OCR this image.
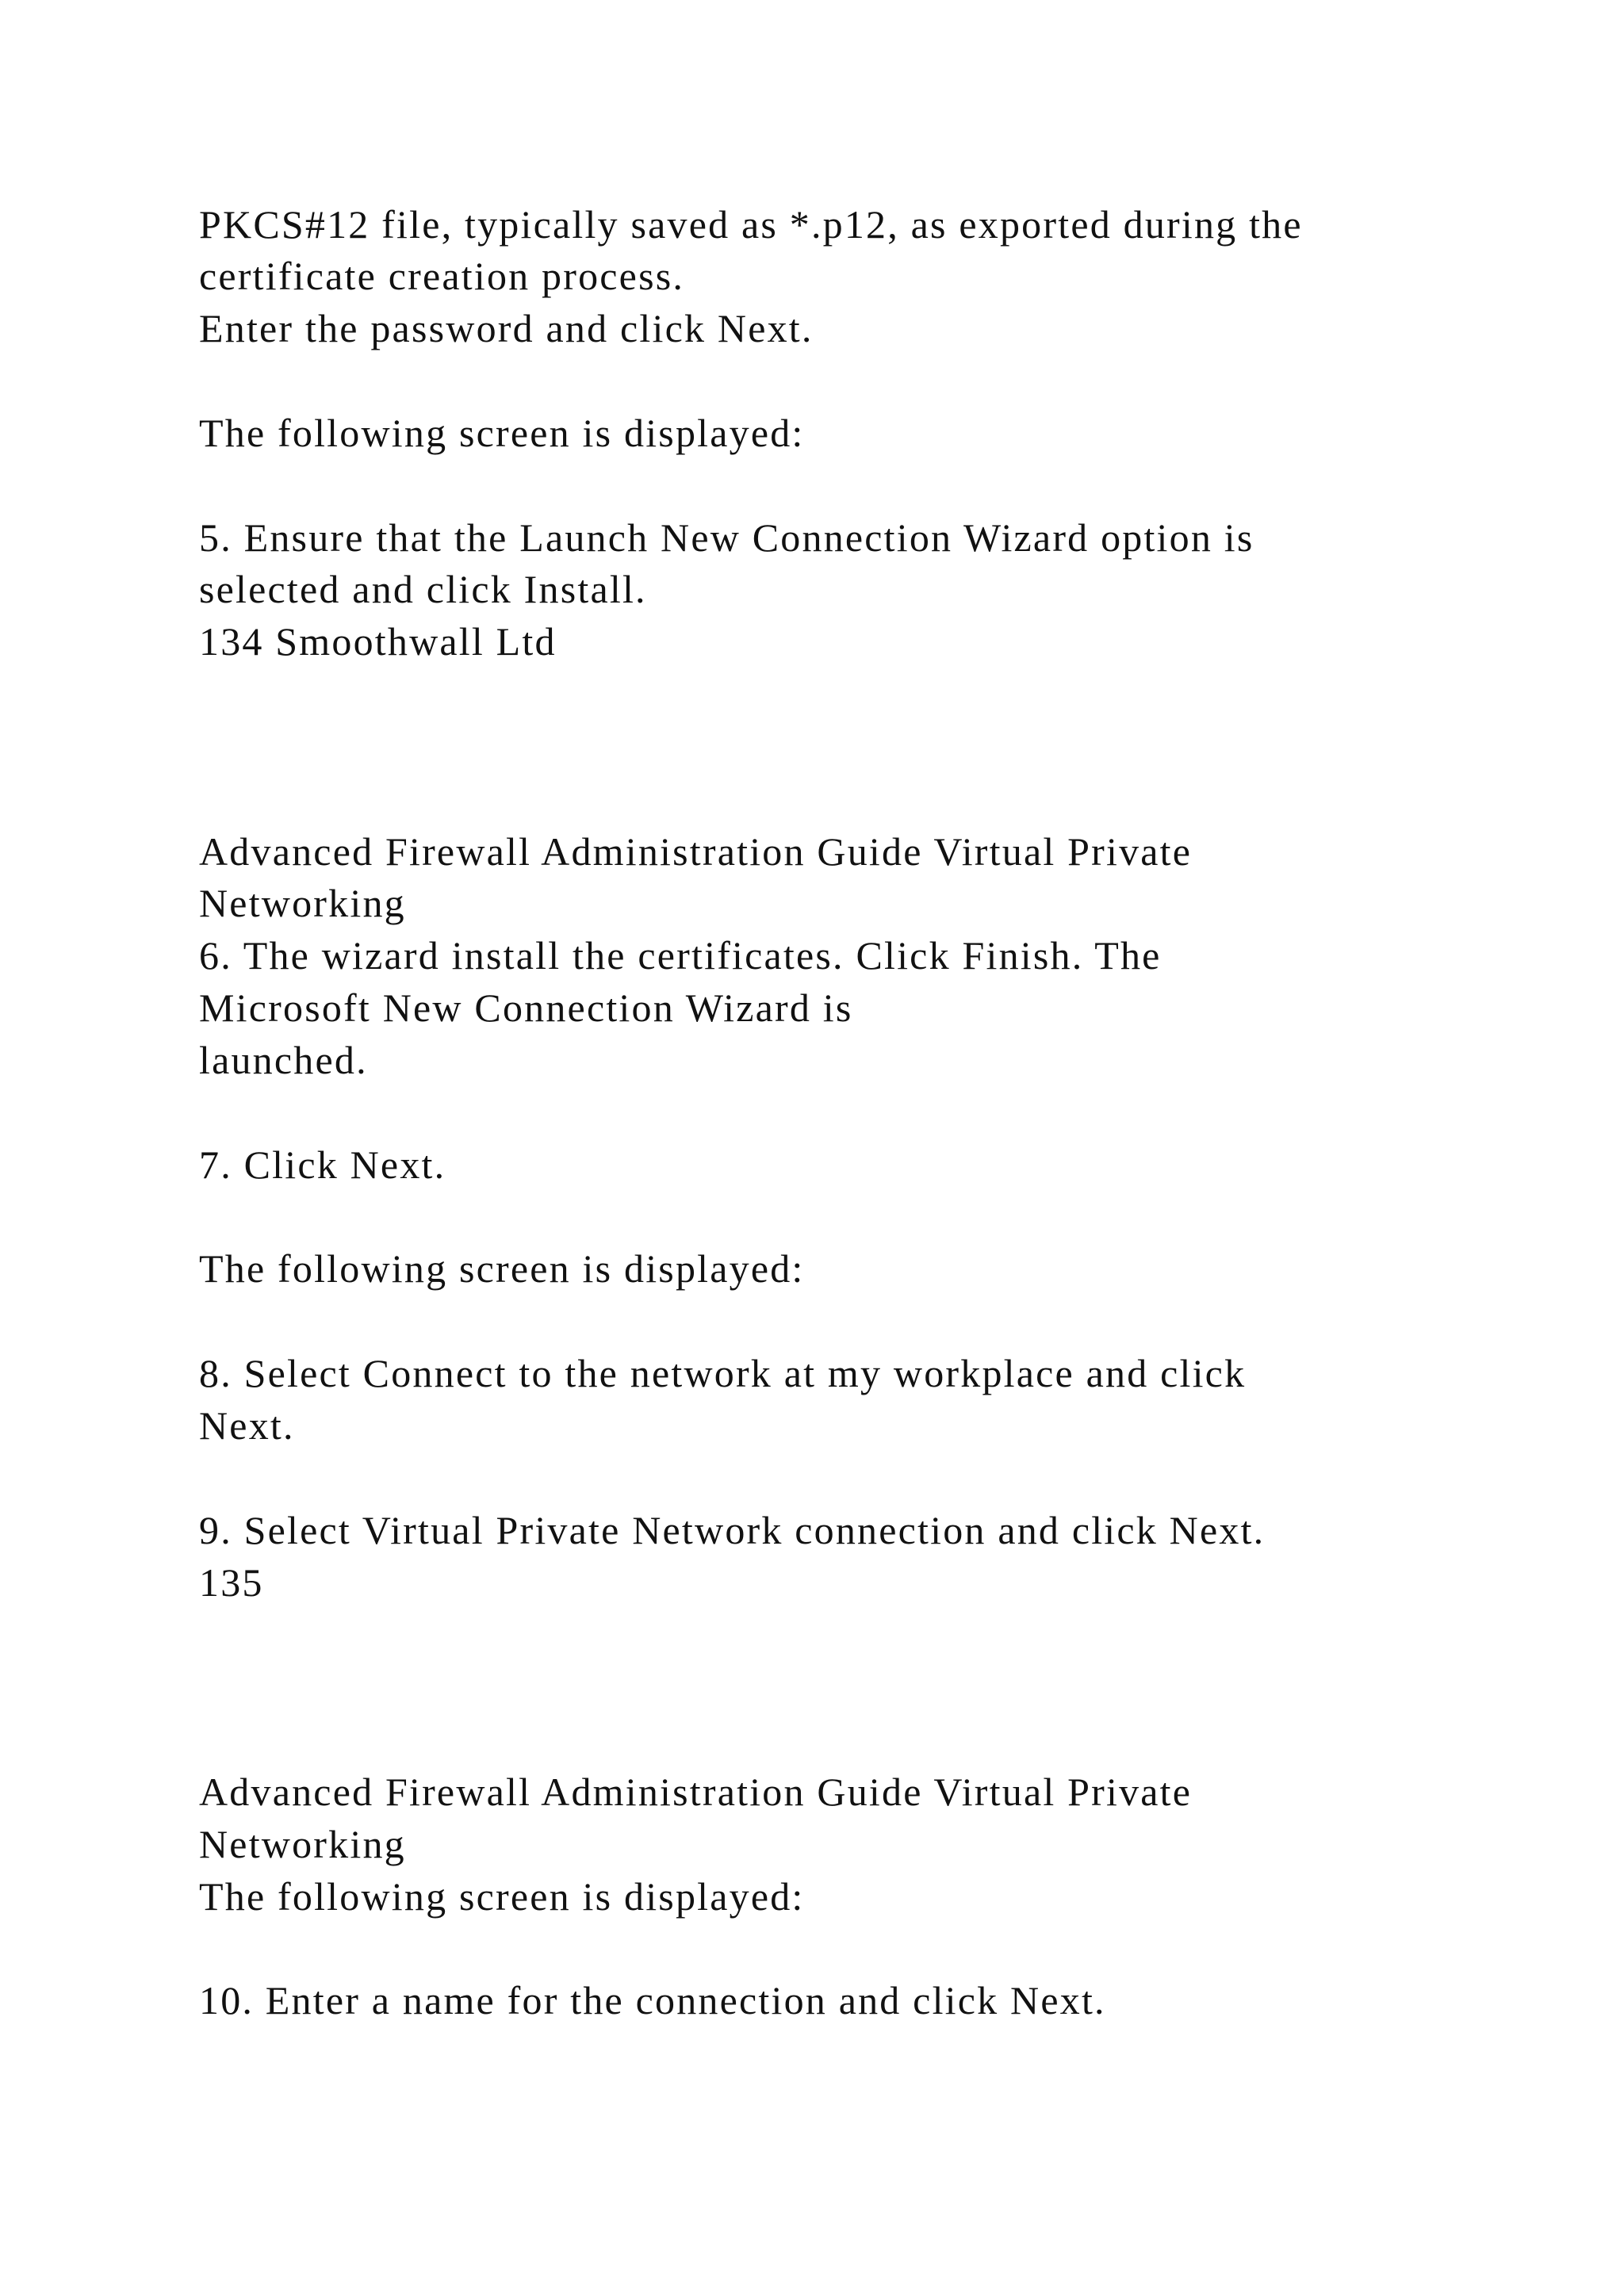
PKCS#12 file, typically saved as *.p12, as exported during the

certificate creation process.

Enter the password and click Next.

The following screen is displayed:

5. Ensure that the Launch New Connection Wizard option is

selected and click Install.

134 Smoothwall Ltd

Advanced Firewall Administration Guide Virtual Private

Networking

6. The wizard install the certificates. Click Finish. The

Microsoft New Connection Wizard is

launched.

7. Click Next.

The following screen is displayed:

8. Select Connect to the network at my workplace and click

Next.

9. Select Virtual Private Network connection and click Next.

135

Advanced Firewall Administration Guide Virtual Private

Networking

The following screen is displayed:

10. Enter a name for the connection and click Next.
